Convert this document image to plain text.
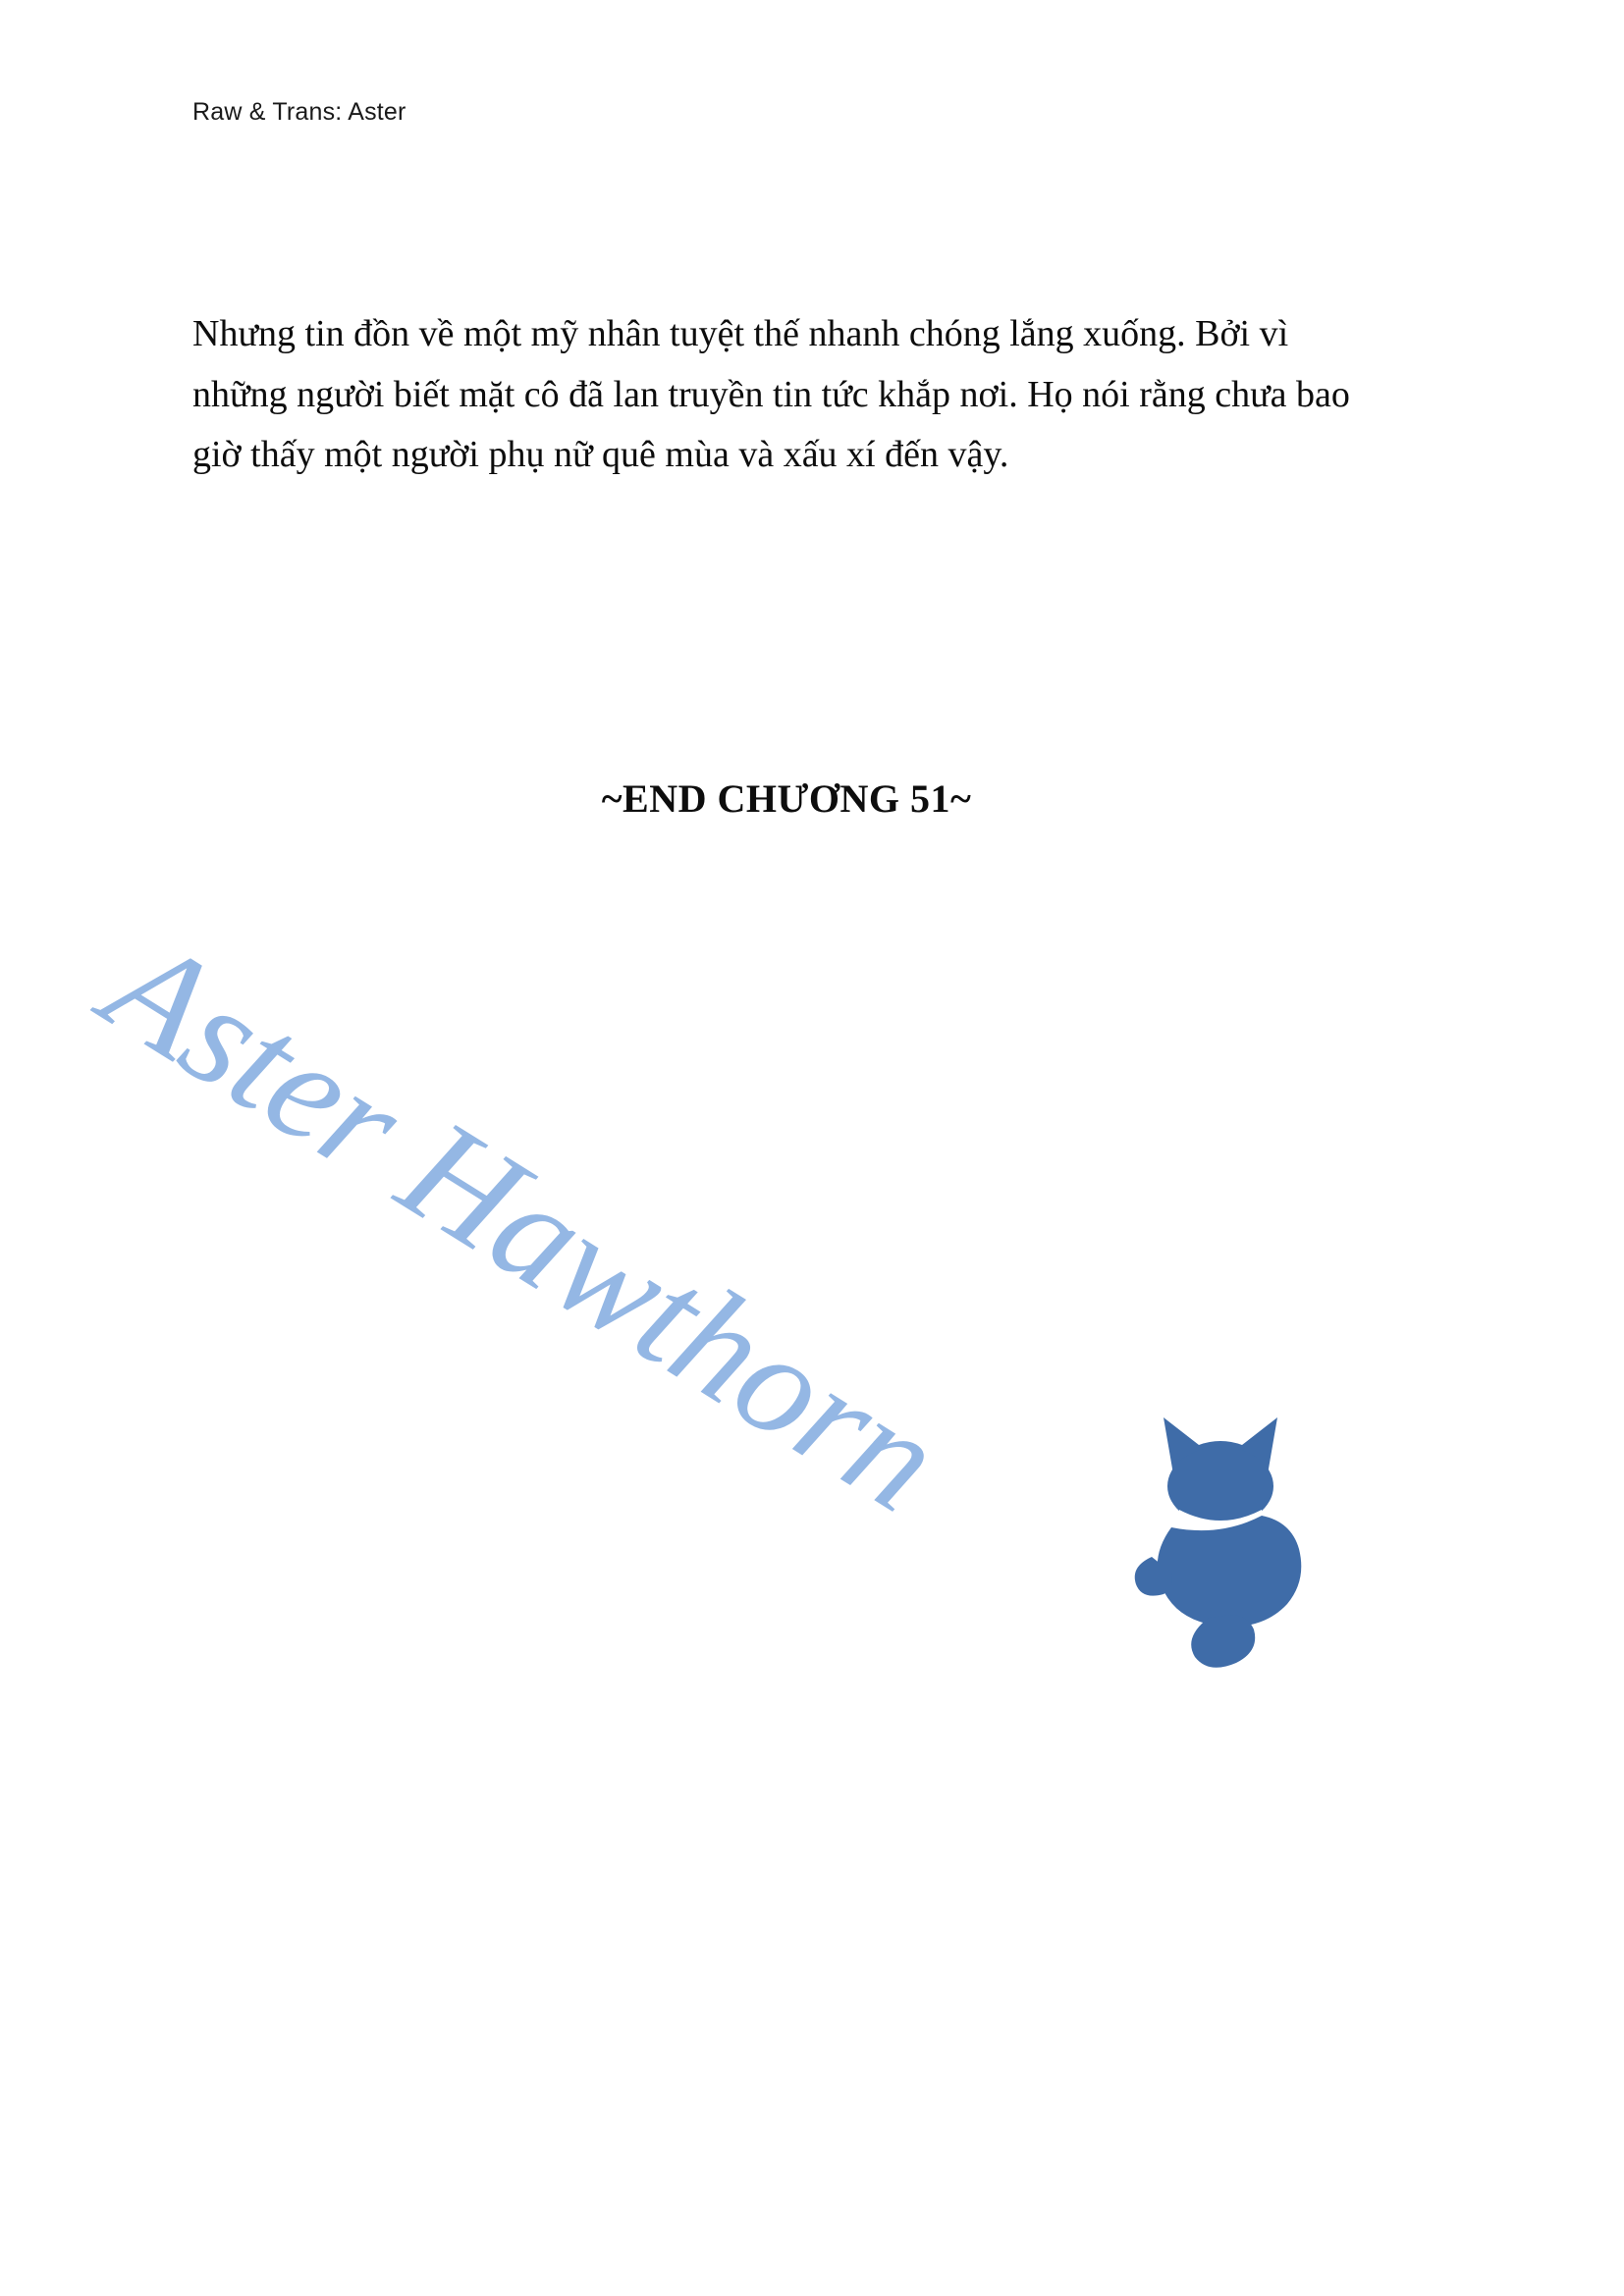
Raw & Trans: Aster
Nhưng tin đồn về một mỹ nhân tuyệt thế nhanh chóng lắng xuống. Bởi vì những người biết mặt cô đã lan truyền tin tức khắp nơi. Họ nói rằng chưa bao giờ thấy một người phụ nữ quê mùa và xấu xí đến vậy.
~END CHƯƠNG 51~
Aster Hawthorn
